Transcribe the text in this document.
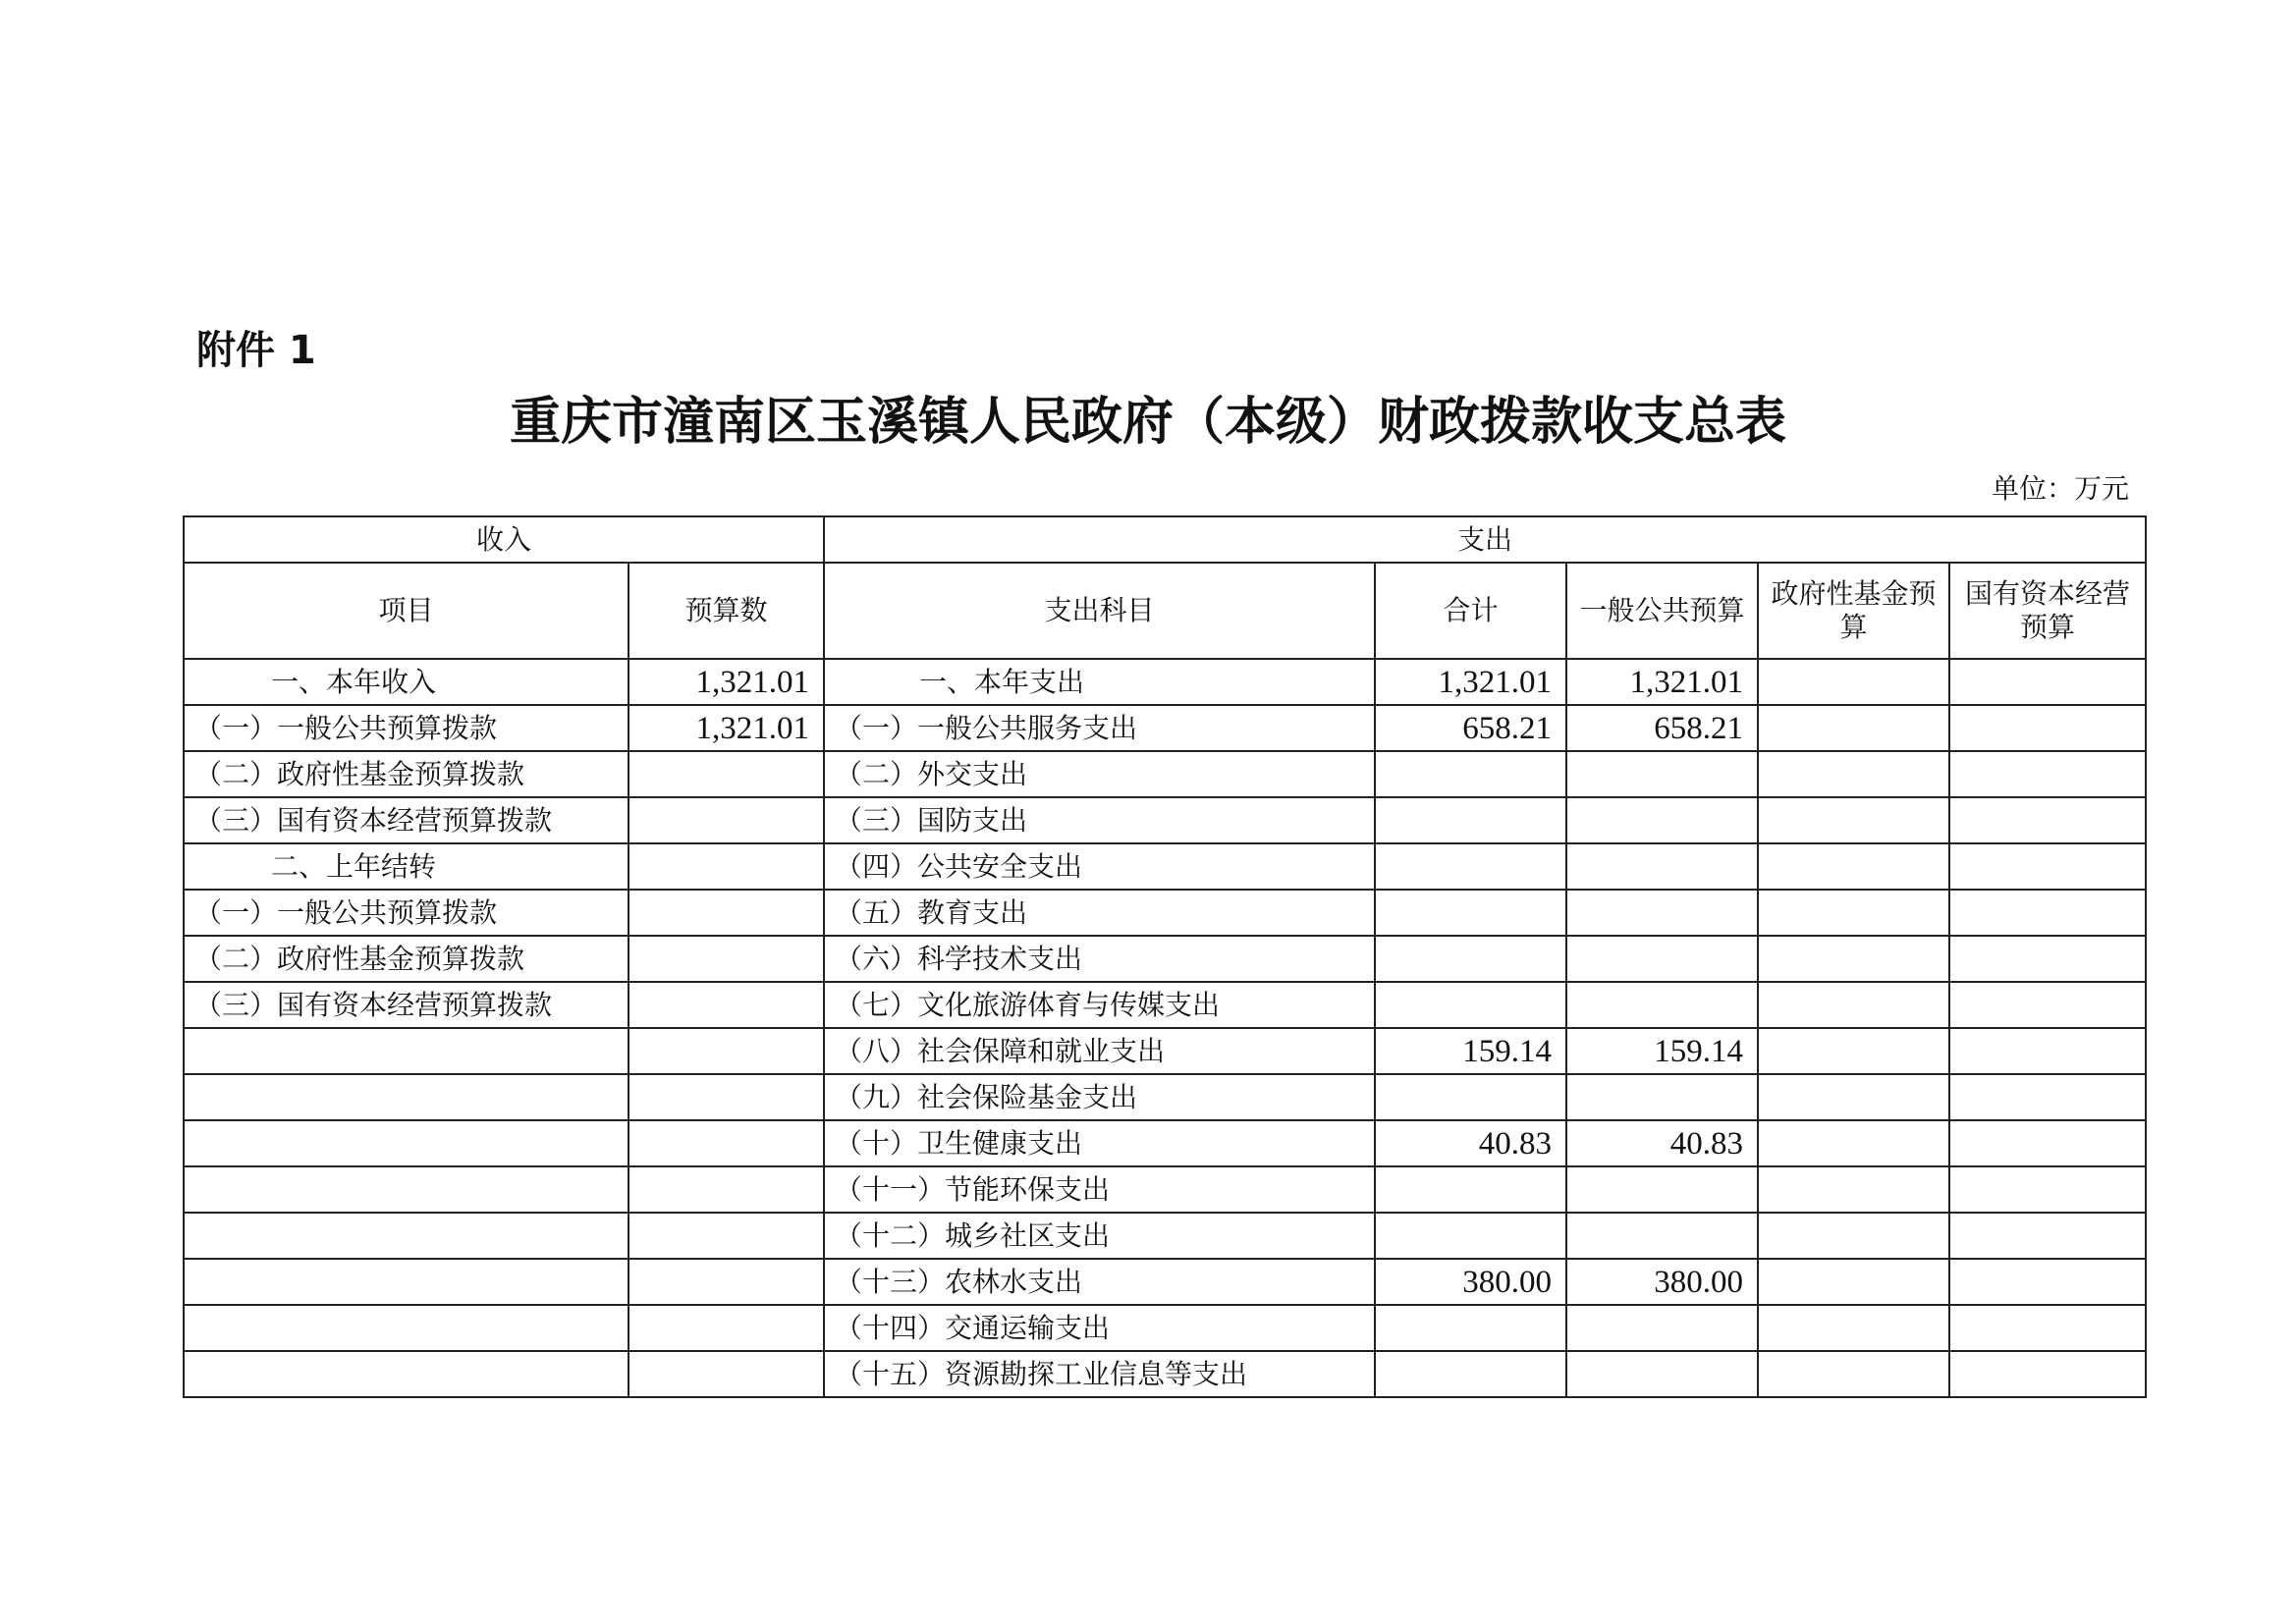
附件 1
重庆市潼南区玉溪镇人民政府（本级）财政拨款收支总表
单位：万元
收入		支出				
项目	预算数	支出科目	合计	一般公共预算	政府性基金预算	国有资本经营预算
一、本年收入	1,321.01	一、本年支出	1,321.01	1,321.01		
（一）一般公共预算拨款	1,321.01	（一）一般公共服务支出	658.21	658.21		
（二）政府性基金预算拨款		（二）外交支出				
（三）国有资本经营预算拨款		（三）国防支出				
二、上年结转		（四）公共安全支出				
（一）一般公共预算拨款		（五）教育支出				
（二）政府性基金预算拨款		（六）科学技术支出				
（三）国有资本经营预算拨款		（七）文化旅游体育与传媒支出				
		（八）社会保障和就业支出	159.14	159.14		
		（九）社会保险基金支出				
		（十）卫生健康支出	40.83	40.83		
		（十一）节能环保支出				
		（十二）城乡社区支出				
		（十三）农林水支出	380.00	380.00		
		（十四）交通运输支出				
		（十五）资源勘探工业信息等支出				
